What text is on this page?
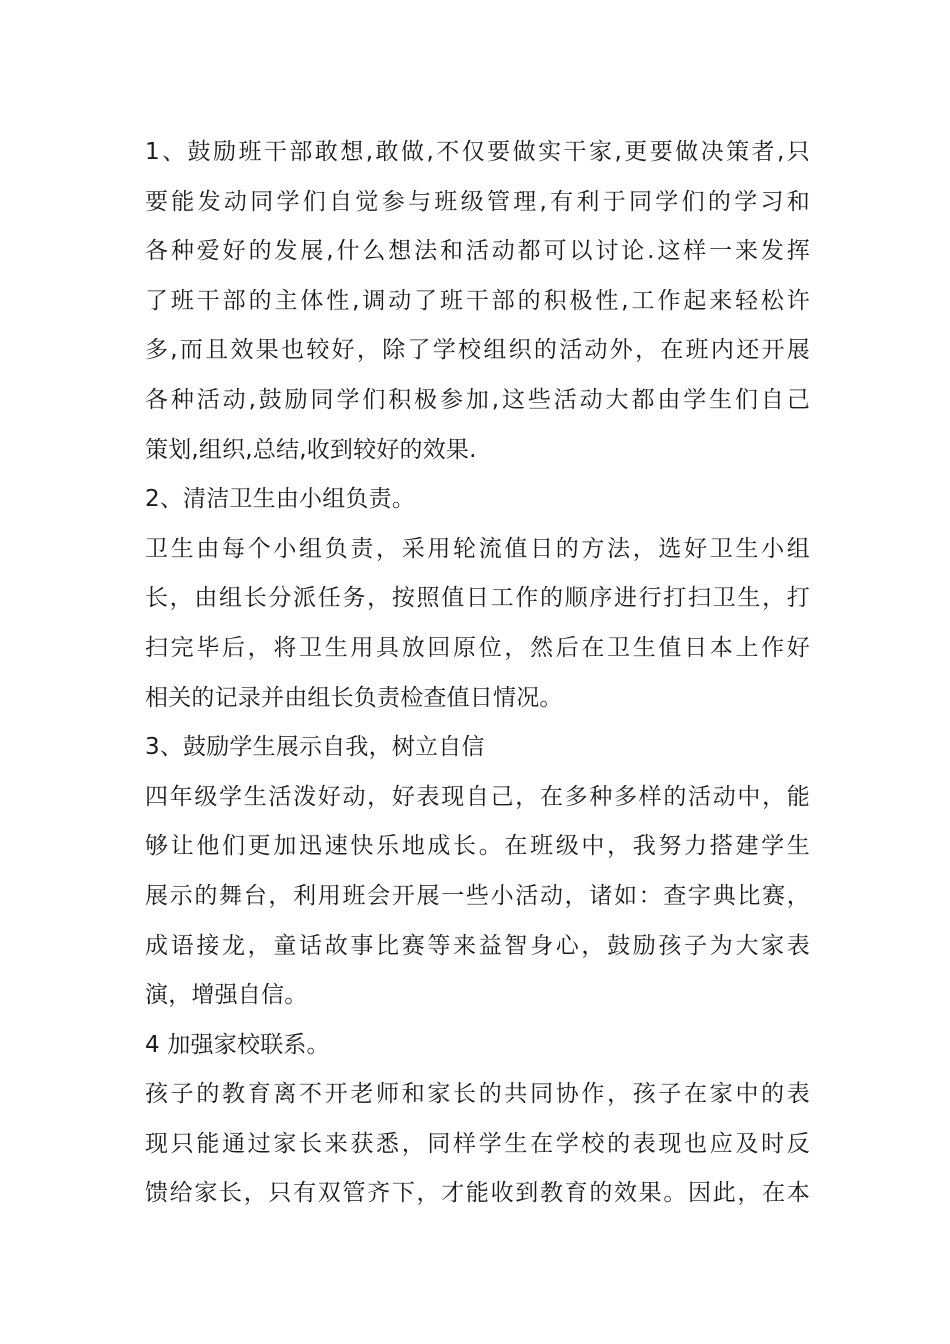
1、鼓励班干部敢想,敢做,不仅要做实干家,更要做决策者,只
要能发动同学们自觉参与班级管理,有利于同学们的学习和
各种爱好的发展,什么想法和活动都可以讨论.这样一来发挥
了班干部的主体性,调动了班干部的积极性,工作起来轻松许
多,而且效果也较好，除了学校组织的活动外，在班内还开展
各种活动,鼓励同学们积极参加,这些活动大都由学生们自己
策划,组织,总结,收到较好的效果.
2、清洁卫生由小组负责。
卫生由每个小组负责，采用轮流值日的方法，选好卫生小组
长，由组长分派任务，按照值日工作的顺序进行打扫卫生，打
扫完毕后，将卫生用具放回原位，然后在卫生值日本上作好
相关的记录并由组长负责检查值日情况。
3、鼓励学生展示自我，树立自信
四年级学生活泼好动，好表现自己，在多种多样的活动中，能
够让他们更加迅速快乐地成长。在班级中，我努力搭建学生
展示的舞台，利用班会开展一些小活动，诸如：查字典比赛，
成语接龙，童话故事比赛等来益智身心，鼓励孩子为大家表
演，增强自信。
4 加强家校联系。
孩子的教育离不开老师和家长的共同协作，孩子在家中的表
现只能通过家长来获悉，同样学生在学校的表现也应及时反
馈给家长，只有双管齐下，才能收到教育的效果。因此，在本
